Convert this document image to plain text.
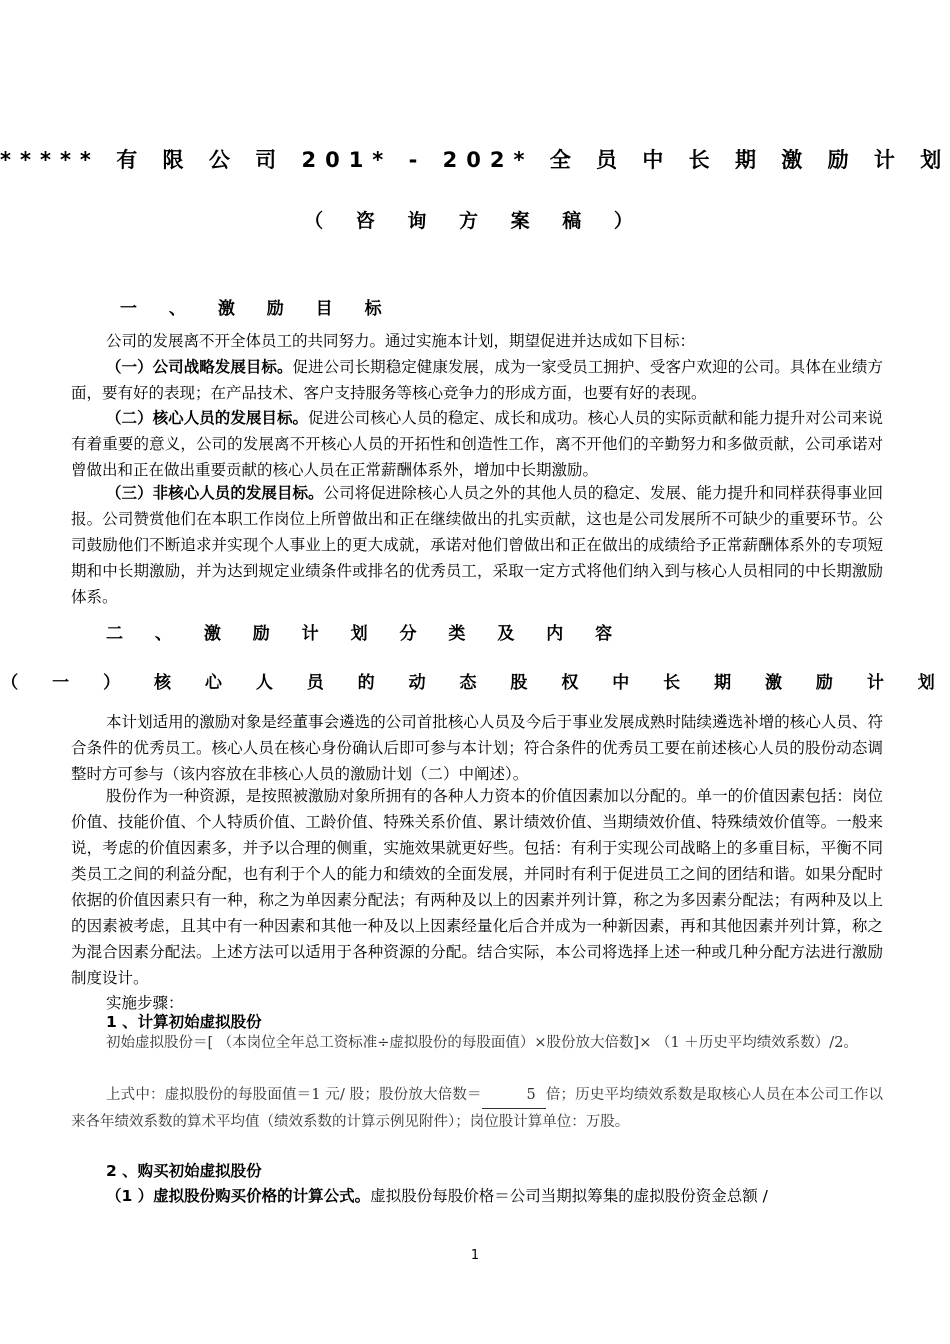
***** 有 限 公 司 201* - 202* 全 员 中 长 期 激 励 计 划
（ 咨 询 方 案 稿 ）
一 、 激 励 目 标

公司的发展离不开全体员工的共同努力。通过实施本计划，期望促进并达成如下目标：

（一）公司战略发展目标。促进公司长期稳定健康发展，成为一家受员工拥护、受客户欢迎的公司。具体在业绩方面，要有好的表现；在产品技术、客户支持服务等核心竞争力的形成方面，也要有好的表现。

（二）核心人员的发展目标。促进公司核心人员的稳定、成长和成功。核心人员的实际贡献和能力提升对公司来说有着重要的意义，公司的发展离不开核心人员的开拓性和创造性工作，离不开他们的辛勤努力和多做贡献，公司承诺对曾做出和正在做出重要贡献的核心人员在正常薪酬体系外，增加中长期激励。

（三）非核心人员的发展目标。公司将促进除核心人员之外的其他人员的稳定、发展、能力提升和同样获得事业回报。公司赞赏他们在本职工作岗位上所曾做出和正在继续做出的扎实贡献，这也是公司发展所不可缺少的重要环节。公司鼓励他们不断追求并实现个人事业上的更大成就，承诺对他们曾做出和正在做出的成绩给予正常薪酬体系外的专项短期和中长期激励，并为达到规定业绩条件或排名的优秀员工，采取一定方式将他们纳入到与核心人员相同的中长期激励体系。

二 、 激 励 计 划 分 类 及 内 容
（ 一 ） 核 心 人 员 的 动 态 股 权 中 长 期 激 励 计 划

本计划适用的激励对象是经董事会遴选的公司首批核心人员及今后于事业发展成熟时陆续遴选补增的核心人员、符合条件的优秀员工。核心人员在核心身份确认后即可参与本计划；符合条件的优秀员工要在前述核心人员的股份动态调整时方可参与（该内容放在非核心人员的激励计划（二）中阐述）。

股份作为一种资源，是按照被激励对象所拥有的各种人力资本的价值因素加以分配的。单一的价值因素包括：岗位价值、技能价值、个人特质价值、工龄价值、特殊关系价值、累计绩效价值、当期绩效价值、特殊绩效价值等。一般来说，考虑的价值因素多，并予以合理的侧重，实施效果就更好些。包括：有利于实现公司战略上的多重目标，平衡不同类员工之间的利益分配，也有利于个人的能力和绩效的全面发展，并同时有利于促进员工之间的团结和谐。如果分配时依据的价值因素只有一种，称之为单因素分配法；有两种及以上的因素并列计算，称之为多因素分配法；有两种及以上的因素被考虑，且其中有一种因素和其他一种及以上因素经量化后合并成为一种新因素，再和其他因素并列计算，称之为混合因素分配法。上述方法可以适用于各种资源的分配。结合实际，本公司将选择上述一种或几种分配方法进行激励制度设计。

实施步骤：

1 、计算初始虚拟股份

初始虚拟股份＝[ （本岗位全年总工资标准÷虚拟股份的每股面值）×股份放大倍数]× （1 ＋历史平均绩效系数）/2。

上式中：虚拟股份的每股面值＝1 元/ 股；股份放大倍数＝	5 倍；历史平均绩效系数是取核心人员在本公司工作以来各年绩效系数的算术平均值（绩效系数的计算示例见附件）；岗位股计算单位：万股。

2 、购买初始虚拟股份

（1 ）虚拟股份购买价格的计算公式。虚拟股份每股价格＝公司当期拟筹集的虚拟股份资金总额 /

1
